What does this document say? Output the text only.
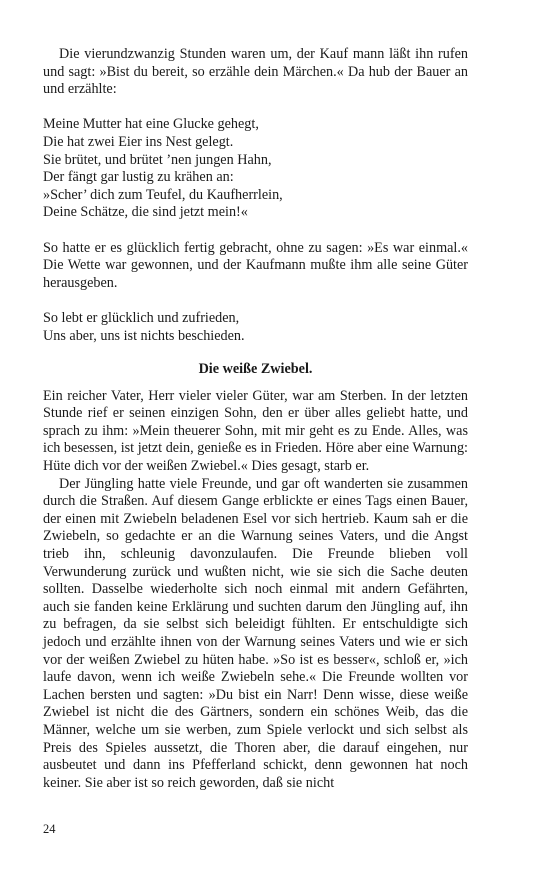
Die vierundzwanzig Stunden waren um, der Kauf mann läßt ihn rufen und sagt: »Bist du bereit, so erzähle dein Märchen.« Da hub der Bauer an und erzählte:

Meine Mutter hat eine Glucke gehegt,
Die hat zwei Eier ins Nest gelegt.
Sie brütet, und brütet ’nen jungen Hahn,
Der fängt gar lustig zu krähen an:
»Scher’ dich zum Teufel, du Kaufherrlein,
Deine Schätze, die sind jetzt mein!«

So hatte er es glücklich fertig gebracht, ohne zu sagen: »Es war einmal.« Die Wette war gewonnen, und der Kaufmann mußte ihm alle seine Güter herausgeben.

So lebt er glücklich und zufrieden,
Uns aber, uns ist nichts beschieden.
Die weiße Zwiebel.

Ein reicher Vater, Herr vieler vieler Güter, war am Sterben. In der letzten Stunde rief er seinen einzigen Sohn, den er über alles geliebt hatte, und sprach zu ihm: »Mein theuerer Sohn, mit mir geht es zu Ende. Alles, was ich besessen, ist jetzt dein, genieße es in Frieden. Höre aber eine Warnung: Hüte dich vor der weißen Zwiebel.« Dies gesagt, starb er.

Der Jüngling hatte viele Freunde, und gar oft wanderten sie zusammen durch die Straßen. Auf diesem Gange erblickte er eines Tags einen Bauer, der einen mit Zwiebeln beladenen Esel vor sich hertrieb. Kaum sah er die Zwiebeln, so gedachte er an die Warnung seines Vaters, und die Angst trieb ihn, schleunig davonzulaufen. Die Freunde blieben voll Verwunderung zurück und wußten nicht, wie sie sich die Sache deuten sollten. Dasselbe wiederholte sich noch einmal mit andern Gefährten, auch sie fanden keine Erklärung und suchten darum den Jüngling auf, ihn zu befragen, da sie selbst sich beleidigt fühlten. Er entschuldigte sich jedoch und erzählte ihnen von der Warnung seines Vaters und wie er sich vor der weißen Zwiebel zu hüten habe. »So ist es besser«, schloß er, »ich laufe davon, wenn ich weiße Zwiebeln sehe.« Die Freunde wollten vor Lachen bersten und sagten: »Du bist ein Narr! Denn wisse, diese weiße Zwiebel ist nicht die des Gärtners, sondern ein schönes Weib, das die Männer, welche um sie werben, zum Spiele verlockt und sich selbst als Preis des Spieles aussetzt, die Thoren aber, die darauf eingehen, nur ausbeutet und dann ins Pfefferland schickt, denn gewonnen hat noch keiner. Sie aber ist so reich geworden, daß sie nicht

24
